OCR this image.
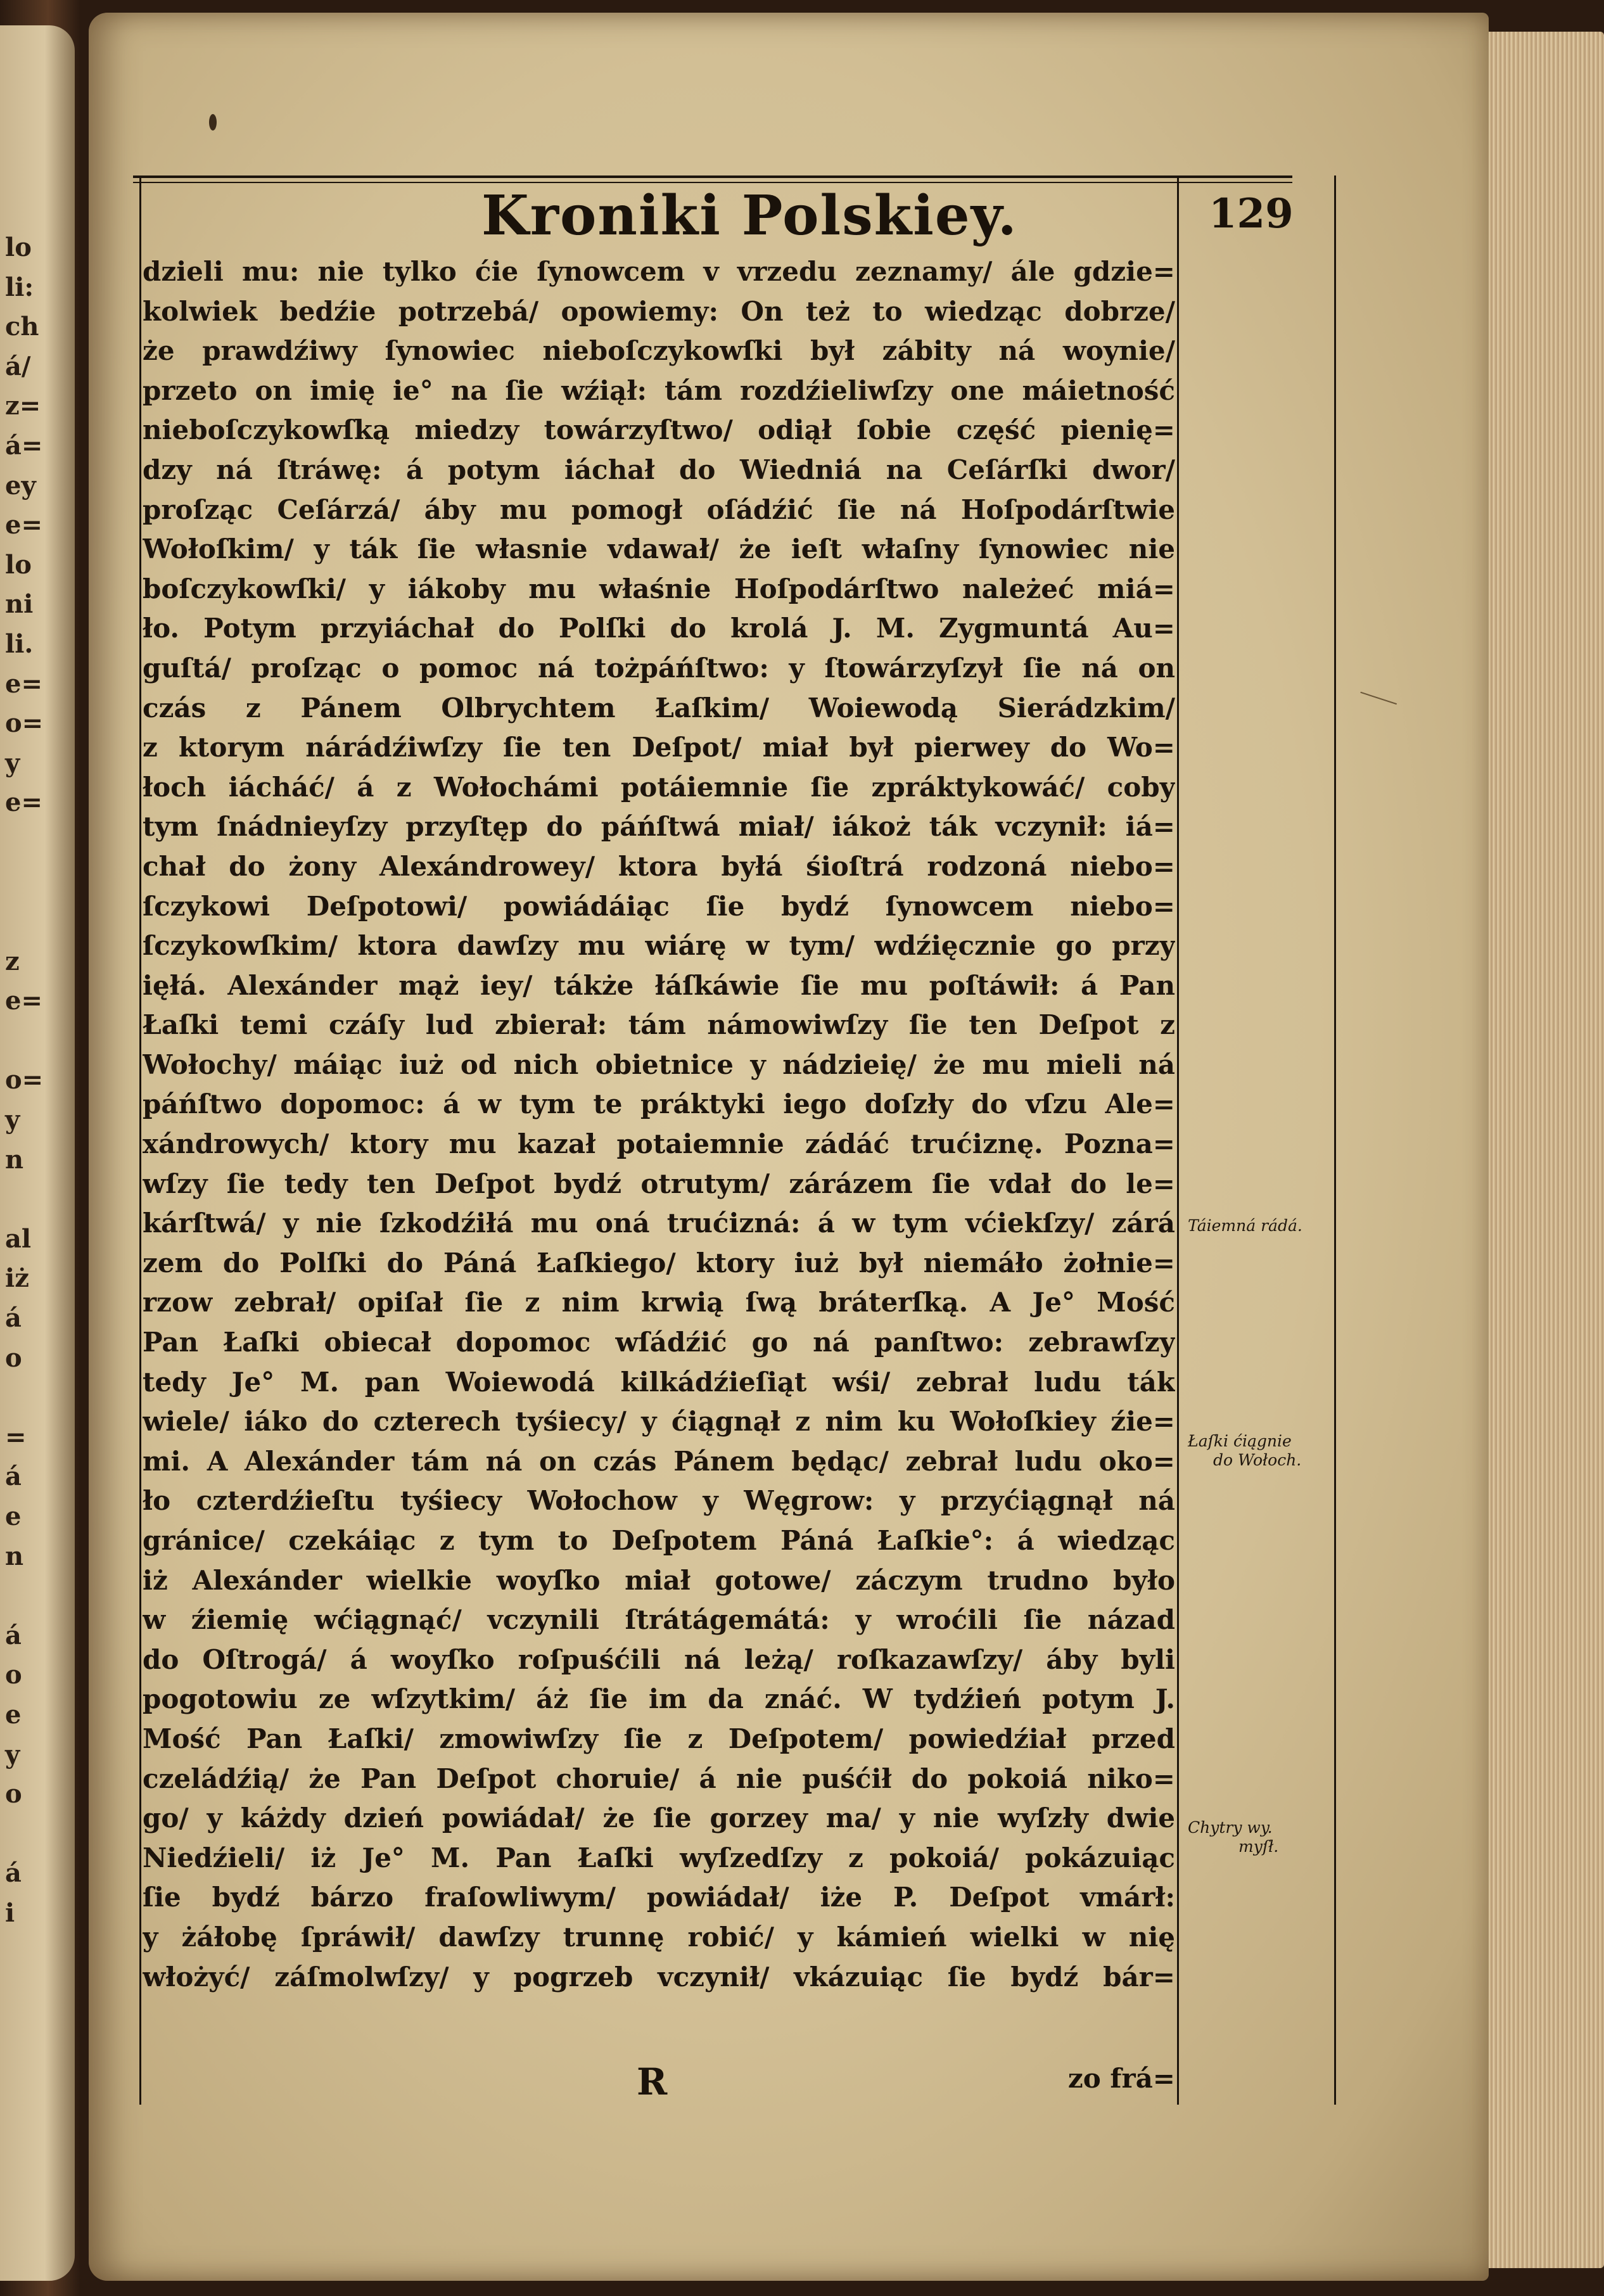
lo
li:
ch
á/
z=
á=
ey
e=
lo
ni
li.
e=
o=
y
e=
z
e=
o=
y
n
al
iż
á
o
=
á
e
n
á
o
e
y
o
á
i
Kroniki Polskiey.	129
dzieli mu: nie tylko ćie ſynowcem v vrzedu zeznamy/ ále gdzie=
kolwiek bedźie potrzebá/ opowiemy: On też to wiedząc dobrze/
że prawdźiwy ſynowiec nieboſczykowſki był zábity ná woynie/
przeto on imię ie° na ſie wźiął: tám rozdźieliwſzy one máietność
nieboſczykowſką miedzy towárzyſtwo/ odiął ſobie część pienię=
dzy ná ſtráwę: á potym iáchał do Wiedniá na Ceſárſki dwor/
proſząc Ceſárzá/ áby mu pomogł oſádźić ſie ná Hoſpodárſtwie
Wołoſkim/ y ták ſie własnie vdawał/ że ieſt właſny ſynowiec nie
boſczykowſki/ y iákoby mu właśnie Hoſpodárſtwo należeć miá=
ło. Potym przyiáchał do Polſki do krolá J. M. Zygmuntá Au=
guſtá/ proſząc o pomoc ná tożpáńſtwo: y ſtowárzyſzył ſie ná on
czás z Pánem Olbrychtem Łaſkim/ Woiewodą Sierádzkim/
z ktorym nárádźiwſzy ſie ten Deſpot/ miał był pierwey do Wo=
łoch iácháć/ á z Wołochámi potáiemnie ſie zpráktykowáć/ coby
tym ſnádnieyſzy przyſtęp do páńſtwá miał/ iákoż ták vczynił: iá=
chał do żony Alexándrowey/ ktora byłá śioſtrá rodzoná niebo=
ſczykowi Deſpotowi/ powiádáiąc ſie bydź ſynowcem niebo=
ſczykowſkim/ ktora dawſzy mu wiárę w tym/ wdźięcznie go przy
ięłá. Alexánder mąż iey/ tákże łáſkáwie ſie mu poſtáwił: á Pan
Łaſki temi czáſy lud zbierał: tám námowiwſzy ſie ten Deſpot z
Wołochy/ máiąc iuż od nich obietnice y nádzieię/ że mu mieli ná
páńſtwo dopomoc: á w tym te práktyki iego doſzły do vſzu Ale=
xándrowych/ ktory mu kazał potaiemnie zádáć trućiznę. Pozna=
wſzy ſie tedy ten Deſpot bydź otrutym/ zárázem ſie vdał do le=
kárſtwá/ y nie ſzkodźiłá mu oná trućizná: á w tym vćiekſzy/ zárá
zem do Polſki do Páná Łaſkiego/ ktory iuż był niemáło żołnie=
rzow zebrał/ opiſał ſie z nim krwią ſwą bráterſką. A Je° Mość
Pan Łaſki obiecał dopomoc wſádźić go ná panſtwo: zebrawſzy
tedy Je° M. pan Woiewodá kilkádźieſiąt wśi/ zebrał ludu ták
wiele/ iáko do czterech tyśiecy/ y ćiągnął z nim ku Wołoſkiey źie=
mi. A Alexánder tám ná on czás Pánem będąc/ zebrał ludu oko=
ło czterdźieſtu tyśiecy Wołochow y Węgrow: y przyćiągnął ná
gránice/ czekáiąc z tym to Deſpotem Páná Łaſkie°: á wiedząc
iż Alexánder wielkie woyſko miał gotowe/ záczym trudno było
w źiemię wćiągnąć/ vczynili ſtrátágemátá: y wroćili ſie názad
do Oſtrogá/ á woyſko roſpuśćili ná leżą/ roſkazawſzy/ áby byli
pogotowiu ze wſzytkim/ áż ſie im da znáć. W tydźień potym J.
Mość Pan Łaſki/ zmowiwſzy ſie z Deſpotem/ powiedźiał przed
czeládźią/ że Pan Deſpot choruie/ á nie puśćił do pokoiá niko=
go/ y káżdy dzień powiádał/ że ſie gorzey ma/ y nie wyſzły dwie
Niedźieli/ iż Je° M. Pan Łaſki wyſzedſzy z pokoiá/ pokázuiąc
ſie bydź bárzo fraſowliwym/ powiádał/ iże P. Deſpot vmárł:
y żáłobę ſpráwił/ dawſzy trunnę robić/ y kámień wielki w nię
włożyć/ záſmolwſzy/ y pogrzeb vczynił/ vkázuiąc ſie bydź bár=
R	zo frá=
Táiemná rádá.
Łaſki ćiągnie
do Wołoch.
Chytry wy.
myſł.
